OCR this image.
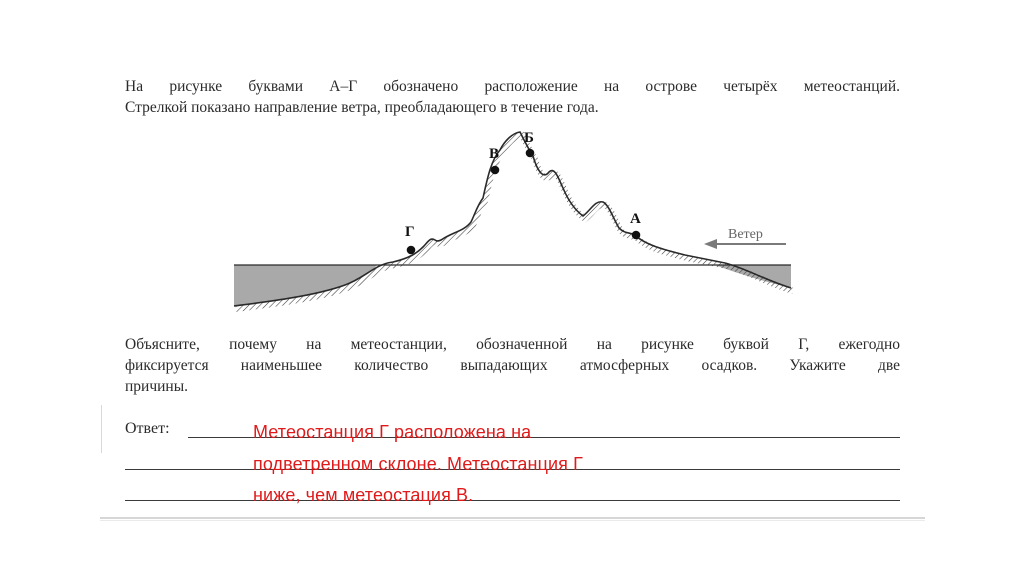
На рисунке буквами А–Г обозначено расположение на острове четырёх метеостанций.
Стрелкой показано направление ветра, преобладающего в течение года.
Б
В
Г
А
Ветер
Объясните, почему на метеостанции, обозначенной на рисунке буквой Г, ежегодно
фиксируется наименьшее количество выпадающих атмосферных осадков. Укажите две
причины.
Ответ:	Метеостанция Г расположена на
подветренном склоне. Метеостанция Г
ниже, чем метеостация В.
